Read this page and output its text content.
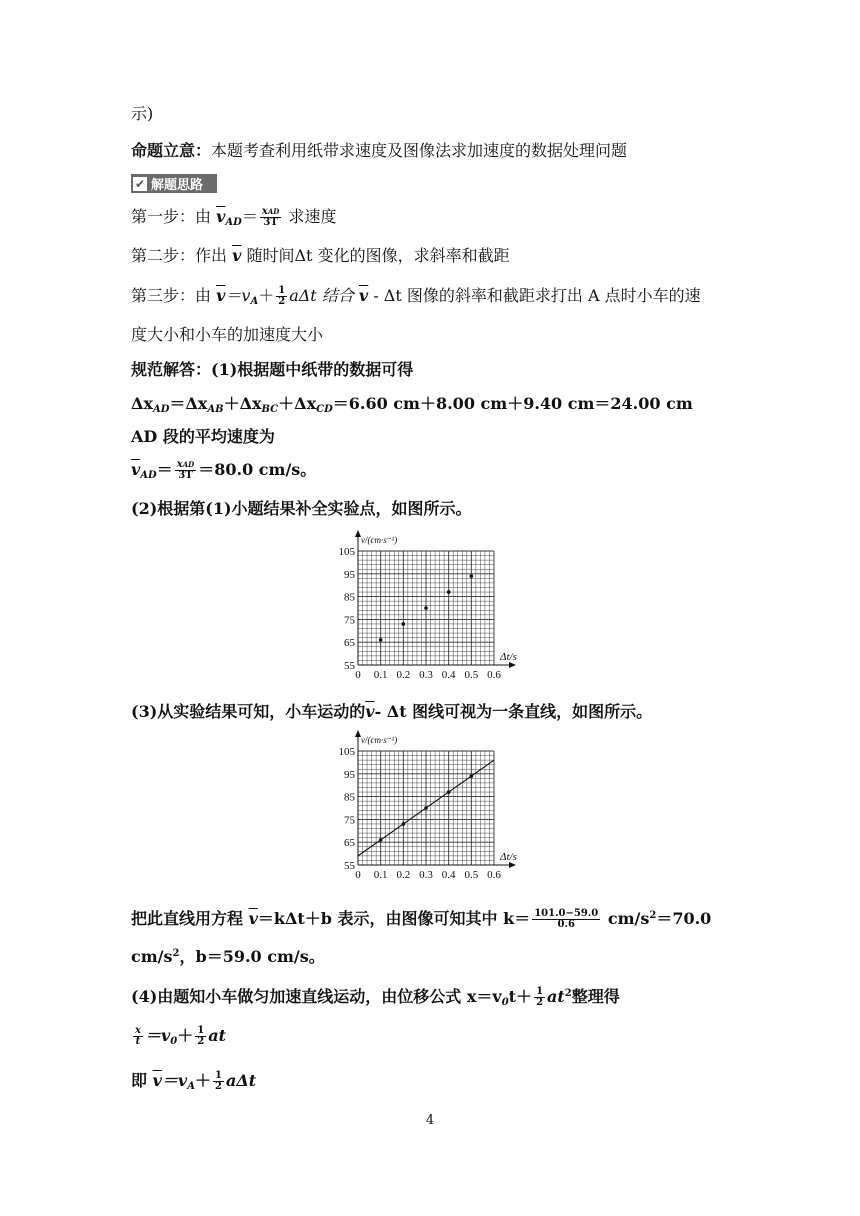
示)
命题立意：本题考查利用纸带求速度及图像法求加速度的数据处理问题
✔ 解题思路
第一步：由 $\overline{v}_{AD}= \frac{\text{xAD}}{3T}$ 求速度
第二步：作出 $\overline{v}$ 随时间Δt 变化的图像，求斜率和截距
第三步：由 $\overline{v}=v_A+ \frac{1}{2}$ aΔt 结合 $\overline{v}$ - Δt 图像的斜率和截距求打出 A 点时小车的速
度大小和小车的加速度大小
规范解答：(1)根据题中纸带的数据可得
$\Delta x_{AD}=\Delta x_{AB}+\Delta x_{BC}+\Delta x_{CD}=6.60$ cm＋8.00 cm＋9.40 cm＝24.00 cm
AD 段的平均速度为
$\overline{v}_{AD}= \frac{\text{xAD}}{3T} =80.0$ cm/s。
(2)根据第(1)小题结果补全实验点，如图所示。
0 0.1 0.2 0.3 0.4 0.5 0.6
55
65
75
85
95
105
v/(cm·s⁻¹)
Δt/s
(3)从实验结果可知，小车运动的$\overline{v}-$ Δt 图线可视为一条直线，如图所示。
0 0.1 0.2 0.3 0.4 0.5 0.6
55
65
75
85
95
105
v/(cm·s⁻¹)
Δt/s
把此直线用方程 $\overline{v}=k\Delta t+b$ 表示，由图像可知其中 $k= \frac{101.0-59.0}{0.6} cm/s^2=70.0$
$cm/s^2$，b＝59.0 cm/s。
(4)由题知小车做匀加速直线运动，由位移公式 $x=v_0t+ \frac{1}{2} at^2$整理得
$\frac{x}{t} =v_0+ \frac{1}{2}$ at
即 $\overline{v}=v_A+ \frac{1}{2}$ aΔt
4
